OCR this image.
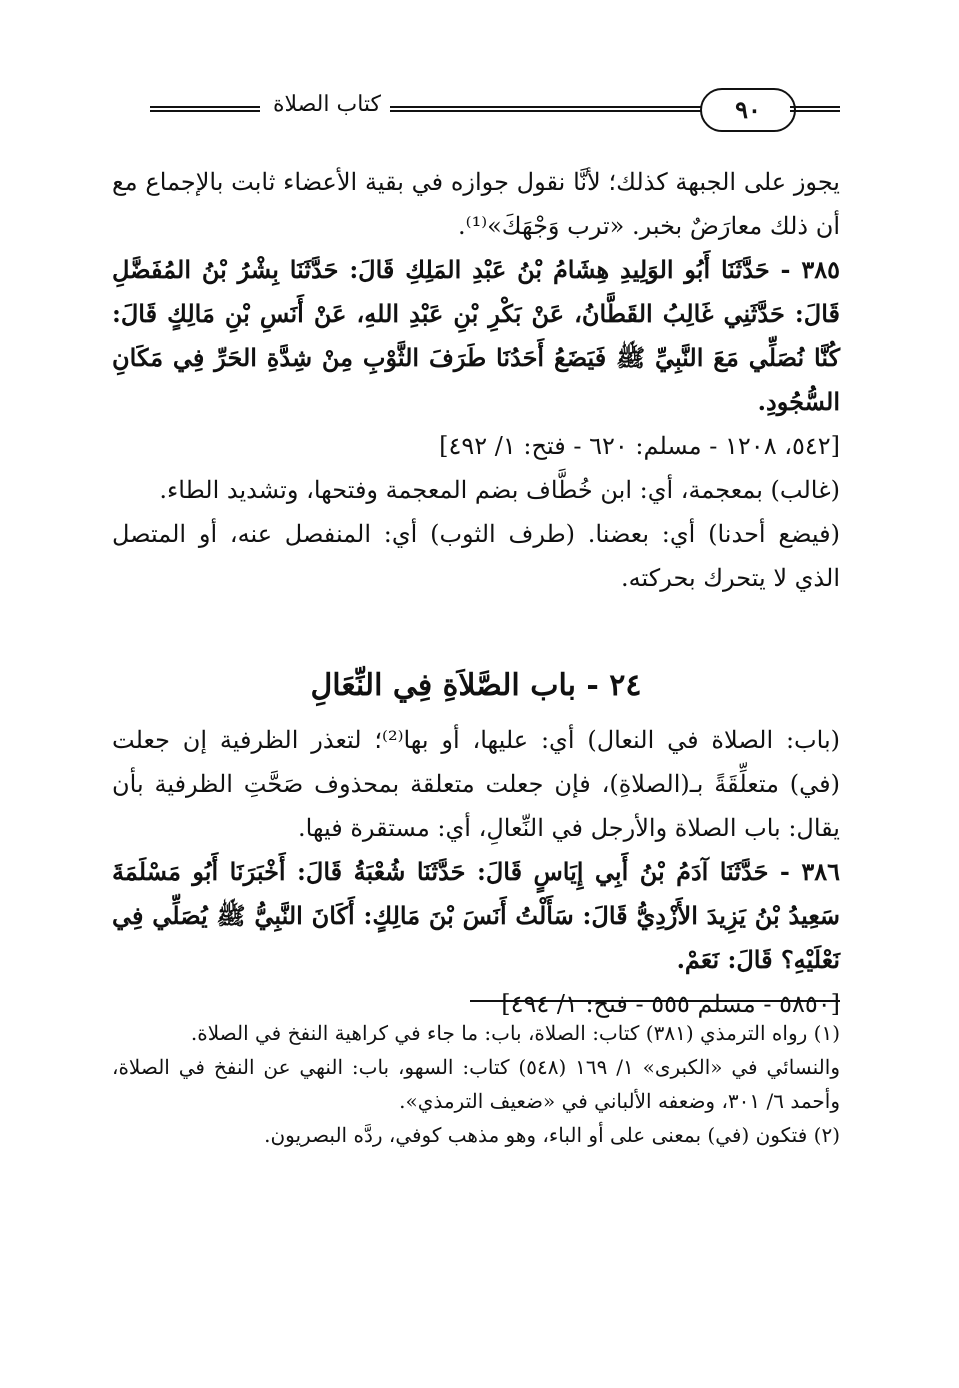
كتاب الصلاة	٩٠

يجوز على الجبهة كذلك؛ لأنَّا نقول جوازه في بقية الأعضاء ثابت بالإجماع مع أن ذلك معارَضٌ بخبر. «ترب وَجْهَكَ»⁽¹⁾.

٣٨٥ - حَدَّثَنَا أَبُو الوَلِيدِ هِشَامُ بْنُ عَبْدِ المَلِكِ قَالَ: حَدَّثَنَا بِشْرُ بْنُ المُفَضَّلِ قَالَ: حَدَّثَنِي غَالِبُ القَطَّانُ، عَنْ بَكْرِ بْنِ عَبْدِ اللهِ، عَنْ أَنَسِ بْنِ مَالِكٍ قَالَ: كُنَّا نُصَلِّي مَعَ النَّبِيِّ ﷺ فَيَضَعُ أَحَدُنَا طَرَفَ الثَّوْبِ مِنْ شِدَّةِ الحَرِّ فِي مَكَانِ السُّجُودِ.

[٥٤٢، ١٢٠٨ - مسلم: ٦٢٠ - فتح: ١/ ٤٩٢]

(غالب) بمعجمة، أي: ابن خُطَّاف بضم المعجمة وفتحها، وتشديد الطاء.

(فيضع أحدنا) أي: بعضنا. (طرف الثوب) أي: المنفصل عنه، أو المتصل الذي لا يتحرك بحركته.

٢٤ - باب الصَّلاَةِ فِي النِّعَالِ

(باب: الصلاة في النعال) أي: عليها، أو بها⁽²⁾؛ لتعذر الظرفية إن جعلت (في) متعلِّقَةً بـ(الصلاةِ)، فإن جعلت متعلقة بمحذوف صَحَّتِ الظرفية بأن يقال: باب الصلاة والأرجل في النِّعالِ، أي: مستقرة فيها.

٣٨٦ - حَدَّثَنَا آدَمُ بْنُ أَبِي إِيَاسٍ قَالَ: حَدَّثَنَا شُعْبَةُ قَالَ: أَخْبَرَنَا أَبُو مَسْلَمَةَ سَعِيدُ بْنُ يَزِيدَ الأَزْدِيُّ قَالَ: سَأَلْتُ أَنَسَ بْنَ مَالِكٍ: أَكَانَ النَّبِيُّ ﷺ يُصَلِّي فِي نَعْلَيْهِ؟ قَالَ: نَعَمْ.

[٥٨٥٠ - مسلم ٥٥٥ - فتح: ١/ ٤٩٤]

(١) رواه الترمذي (٣٨١) كتاب: الصلاة، باب: ما جاء في كراهية النفخ في الصلاة.

والنسائي في «الكبرى» ١/ ١٦٩ (٥٤٨) كتاب: السهو، باب: النهي عن النفخ في الصلاة، وأحمد ٦/ ٣٠١، وضعفه الألباني في «ضعيف الترمذي».

(٢) فتكون (في) بمعنى على أو الباء، وهو مذهب كوفي، ردَّه البصريون.
